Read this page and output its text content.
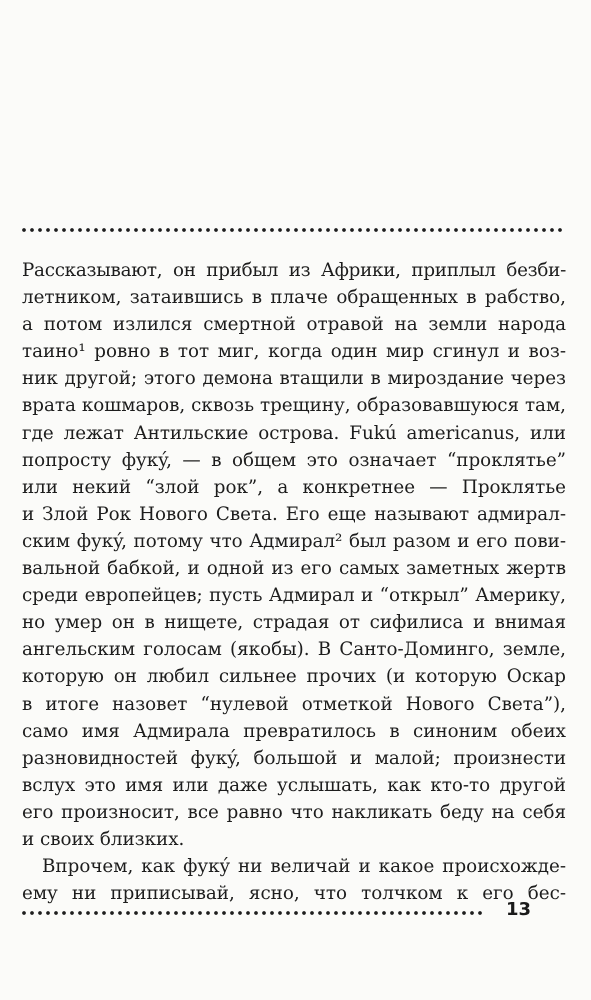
Рассказывают, он прибыл из Африки, приплыл безби-
летником, затаившись в плаче обращенных в рабство,
а потом излился смертной отравой на земли народа
таино¹ ровно в тот миг, когда один мир сгинул и воз-
ник другой; этого демона втащили в мироздание через
врата кошмаров, сквозь трещину, образовавшуюся там,
где лежат Антильские острова. Fukú americanus, или
попросту фукý, — в общем это означает “проклятье”
или некий “злой рок”, а конкретнее — Проклятье
и Злой Рок Нового Света. Его еще называют адмирал-
ским фукý, потому что Адмирал² был разом и его пови-
вальной бабкой, и одной из его самых заметных жертв
среди европейцев; пусть Адмирал и “открыл” Америку,
но умер он в нищете, страдая от сифилиса и внимая
ангельским голосам (якобы). В Санто-Доминго, земле,
которую он любил сильнее прочих (и которую Оскар
в итоге назовет “нулевой отметкой Нового Света”),
само имя Адмирала превратилось в синоним обеих
разновидностей фукý, большой и малой; произнести
вслух это имя или даже услышать, как кто-то другой
его произносит, все равно что накликать беду на себя
и своих близких.
Впрочем, как фукý ни величай и какое происхожде-
ему ни приписывай, ясно, что толчком к его бес-
13
